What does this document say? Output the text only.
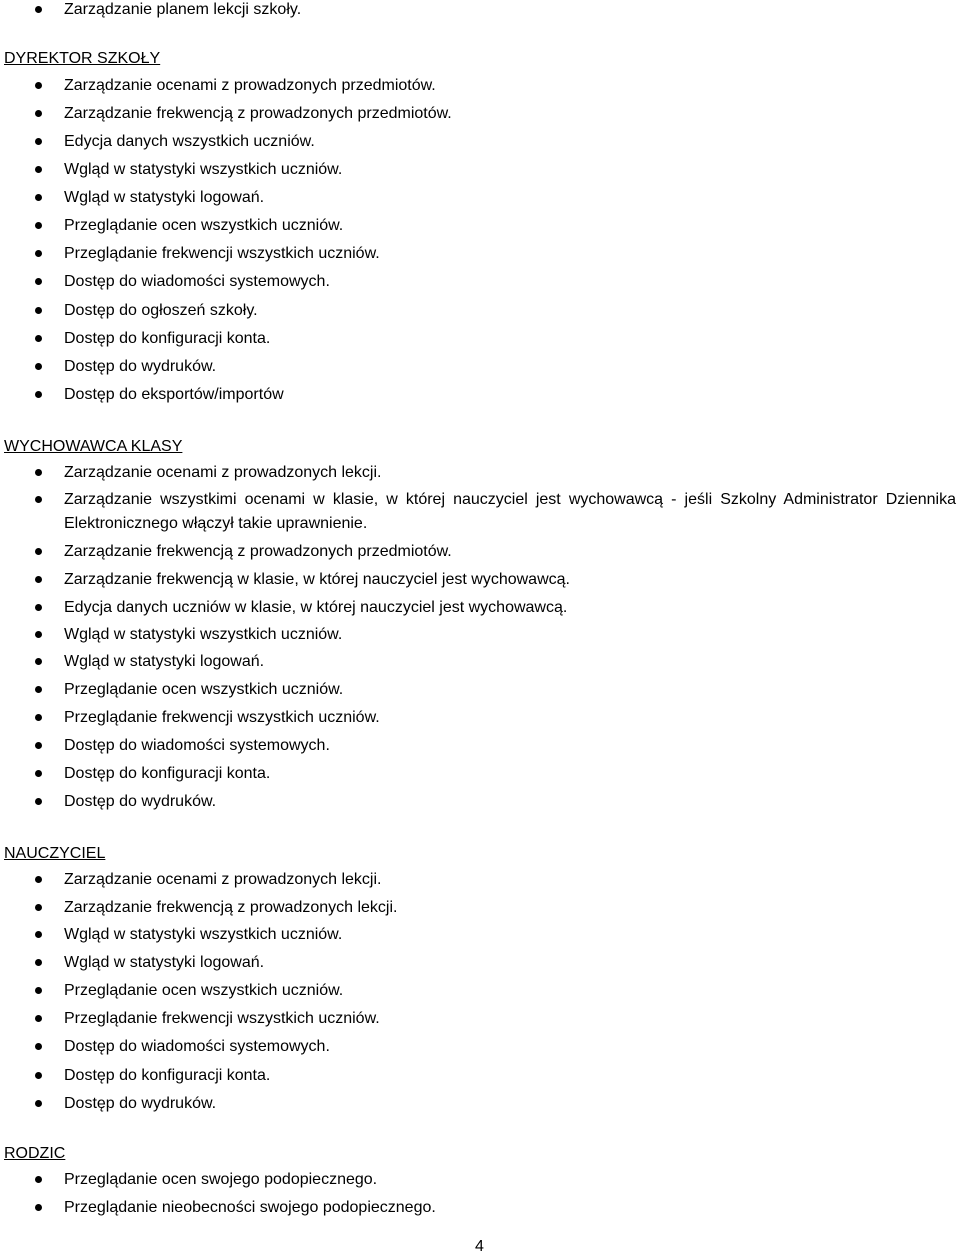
Zarządzanie planem lekcji szkoły.
DYREKTOR SZKOŁY
Zarządzanie ocenami z prowadzonych przedmiotów.
Zarządzanie frekwencją z prowadzonych przedmiotów.
Edycja danych wszystkich uczniów.
Wgląd w statystyki wszystkich uczniów.
Wgląd w statystyki logowań.
Przeglądanie ocen wszystkich uczniów.
Przeglądanie frekwencji wszystkich uczniów.
Dostęp do wiadomości systemowych.
Dostęp do ogłoszeń szkoły.
Dostęp do konfiguracji konta.
Dostęp do wydruków.
Dostęp do eksportów/importów
WYCHOWAWCA KLASY
Zarządzanie ocenami z prowadzonych lekcji.
Zarządzanie wszystkimi ocenami w klasie, w której nauczyciel jest wychowawcą - jeśli Szkolny Administrator Dziennika Elektronicznego włączył takie uprawnienie.
Zarządzanie frekwencją z prowadzonych przedmiotów.
Zarządzanie frekwencją w klasie, w której nauczyciel jest wychowawcą.
Edycja danych uczniów w klasie, w której nauczyciel jest wychowawcą.
Wgląd w statystyki wszystkich uczniów.
Wgląd w statystyki logowań.
Przeglądanie ocen wszystkich uczniów.
Przeglądanie frekwencji wszystkich uczniów.
Dostęp do wiadomości systemowych.
Dostęp do konfiguracji konta.
Dostęp do wydruków.
NAUCZYCIEL
Zarządzanie ocenami z prowadzonych lekcji.
Zarządzanie frekwencją z prowadzonych lekcji.
Wgląd w statystyki wszystkich uczniów.
Wgląd w statystyki logowań.
Przeglądanie ocen wszystkich uczniów.
Przeglądanie frekwencji wszystkich uczniów.
Dostęp do wiadomości systemowych.
Dostęp do konfiguracji konta.
Dostęp do wydruków.
RODZIC
Przeglądanie ocen swojego podopiecznego.
Przeglądanie nieobecności swojego podopiecznego.
4
